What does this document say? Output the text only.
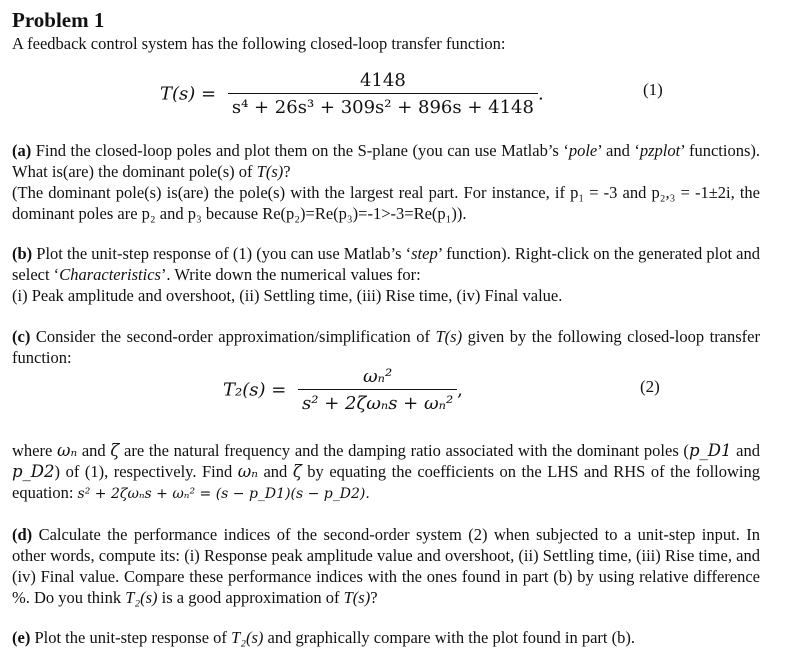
Problem 1
A feedback control system has the following closed-loop transfer function:
$T(s) = \frac{4148}{\text{s⁴ + 26s³ + 309s² + 896s + 4148}}$ .	(1)
(a) Find the closed-loop poles and plot them on the S-plane (you can use Matlab’s ‘pole’ and ‘pzplot’ functions). What is(are) the dominant pole(s) of T(s)?
(The dominant pole(s) is(are) the pole(s) with the largest real part. For instance, if p₁ = -3 and p₂,₃ = -1±2i, the dominant poles are p₂ and p₃ because Re(p₂)=Re(p₃)=-1>-3=Re(p₁)).
(b) Plot the unit-step response of (1) (you can use Matlab’s ‘step’ function). Right-click on the generated plot and select ‘Characteristics’. Write down the numerical values for:
(i) Peak amplitude and overshoot, (ii) Settling time, (iii) Rise time, (iv) Final value.
(c) Consider the second-order approximation/simplification of T(s) given by the following closed-loop transfer function:
$T_2(s) = \frac{\text{ωₙ²}}{\text{s² + 2ζωₙs + ωₙ²}}$ ,	(2)
where ωₙ and ζ are the natural frequency and the damping ratio associated with the dominant poles (p_D1 and p_D2) of (1), respectively. Find ωₙ and ζ by equating the coefficients on the LHS and RHS of the following equation: s² + 2ζωₙs + ωₙ² = (s − p_D1)(s − p_D2).
(d) Calculate the performance indices of the second-order system (2) when subjected to a unit-step input. In other words, compute its: (i) Response peak amplitude value and overshoot, (ii) Settling time, (iii) Rise time, and (iv) Final value. Compare these performance indices with the ones found in part (b) by using relative difference %. Do you think T₂(s) is a good approximation of T(s)?
(e) Plot the unit-step response of T₂(s) and graphically compare with the plot found in part (b).
